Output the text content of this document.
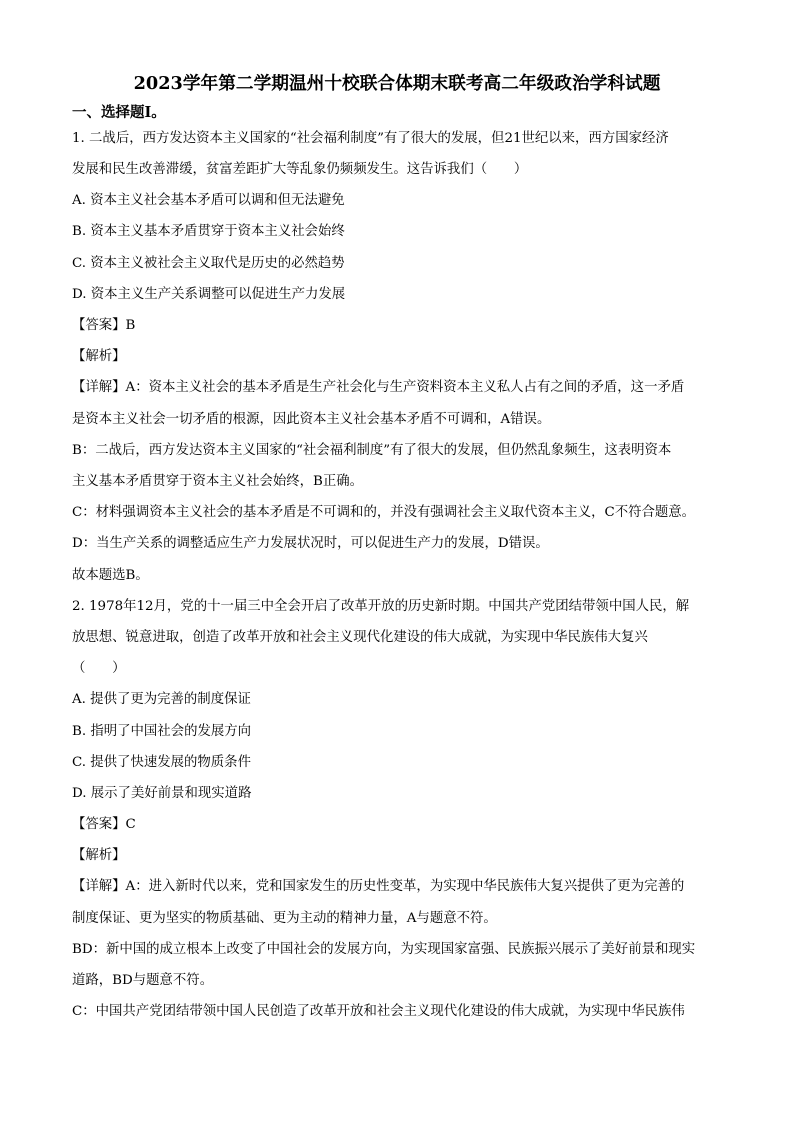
2023学年第二学期温州十校联合体期末联考高二年级政治学科试题
一、选择题Ⅰ。
1. 二战后，西方发达资本主义国家的“社会福利制度”有了很大的发展，但21世纪以来，西方国家经济
发展和民生改善滞缓，贫富差距扩大等乱象仍频频发生。这告诉我们（　　）
A. 资本主义社会基本矛盾可以调和但无法避免
B. 资本主义基本矛盾贯穿于资本主义社会始终
C. 资本主义被社会主义取代是历史的必然趋势
D. 资本主义生产关系调整可以促进生产力发展
【答案】B
【解析】
【详解】A：资本主义社会的基本矛盾是生产社会化与生产资料资本主义私人占有之间的矛盾，这一矛盾
是资本主义社会一切矛盾的根源，因此资本主义社会基本矛盾不可调和，A错误。
B：二战后，西方发达资本主义国家的“社会福利制度”有了很大的发展，但仍然乱象频生，这表明资本
主义基本矛盾贯穿于资本主义社会始终，B正确。
C：材料强调资本主义社会的基本矛盾是不可调和的，并没有强调社会主义取代资本主义，C不符合题意。
D：当生产关系的调整适应生产力发展状况时，可以促进生产力的发展，D错误。
故本题选B。
2. 1978年12月，党的十一届三中全会开启了改革开放的历史新时期。中国共产党团结带领中国人民，解
放思想、锐意进取，创造了改革开放和社会主义现代化建设的伟大成就，为实现中华民族伟大复兴
（　　）
A. 提供了更为完善的制度保证
B. 指明了中国社会的发展方向
C. 提供了快速发展的物质条件
D. 展示了美好前景和现实道路
【答案】C
【解析】
【详解】A：进入新时代以来，党和国家发生的历史性变革，为实现中华民族伟大复兴提供了更为完善的
制度保证、更为坚实的物质基础、更为主动的精神力量，A与题意不符。
BD：新中国的成立根本上改变了中国社会的发展方向，为实现国家富强、民族振兴展示了美好前景和现实
道路，BD与题意不符。
C：中国共产党团结带领中国人民创造了改革开放和社会主义现代化建设的伟大成就，为实现中华民族伟
